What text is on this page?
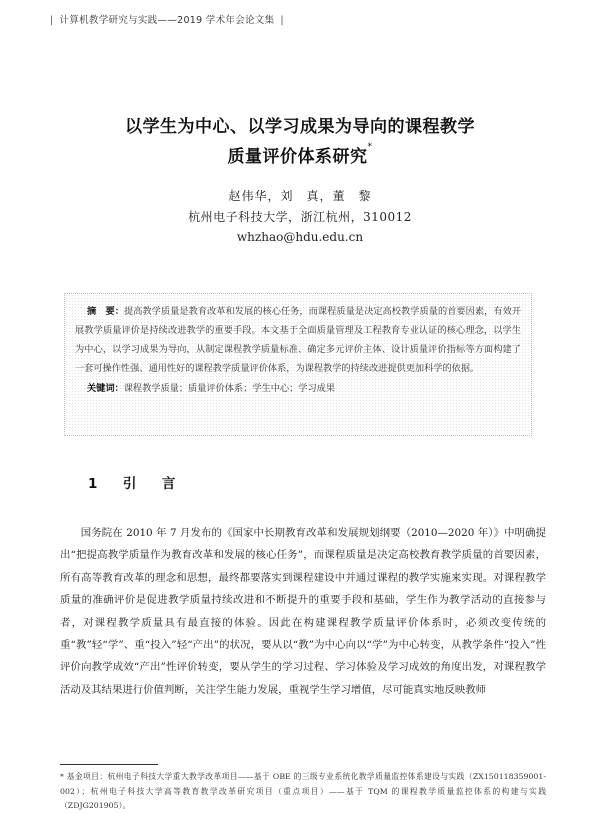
| 计算机教学研究与实践——2019 学术年会论文集 |
以学生为中心、以学习成果为导向的课程教学
质量评价体系研究*
赵伟华，刘　真，董　黎
杭州电子科技大学，浙江杭州，310012
whzhao@hdu.edu.cn
摘　要：提高教学质量是教育改革和发展的核心任务，而课程质量是决定高校教学质量的首要因素，有效开展教学质量评价是持续改进教学的重要手段。本文基于全面质量管理及工程教育专业认证的核心理念，以学生为中心，以学习成果为导向，从制定课程教学质量标准、确定多元评价主体、设计质量评价指标等方面构建了一套可操作性强、通用性好的课程教学质量评价体系，为课程教学的持续改进提供更加科学的依据。
关键词：课程教学质量；质量评价体系；学生中心；学习成果
1　引　言

国务院在 2010 年 7 月发布的《国家中长期教育改革和发展规划纲要（2010—2020 年）》中明确提出“把提高教学质量作为教育改革和发展的核心任务”，而课程质量是决定高校教育教学质量的首要因素，所有高等教育改革的理念和思想，最终都要落实到课程建设中并通过课程的教学实施来实现。对课程教学质量的准确评价是促进教学质量持续改进和不断提升的重要手段和基础，学生作为教学活动的直接参与者，对课程教学质量具有最直接的体验。因此在构建课程教学质量评价体系时，必须改变传统的重“教”轻“学”、重“投入”轻“产出”的状况，要从以“教”为中心向以“学”为中心转变，从教学条件“投入”性评价向教学成效“产出”性评价转变，要从学生的学习过程、学习体验及学习成效的角度出发，对课程教学活动及其结果进行价值判断，关注学生能力发展，重视学生学习增值，尽可能真实地反映教师

* 基金项目：杭州电子科技大学重大教学改革项目——基于 OBE 的三级专业系统化教学质量监控体系建设与实践（ZX150118359001-002）；杭州电子科技大学高等教育教学改革研究项目（重点项目）——基于 TQM 的课程教学质量监控体系的构建与实践（ZDJG201905）。
